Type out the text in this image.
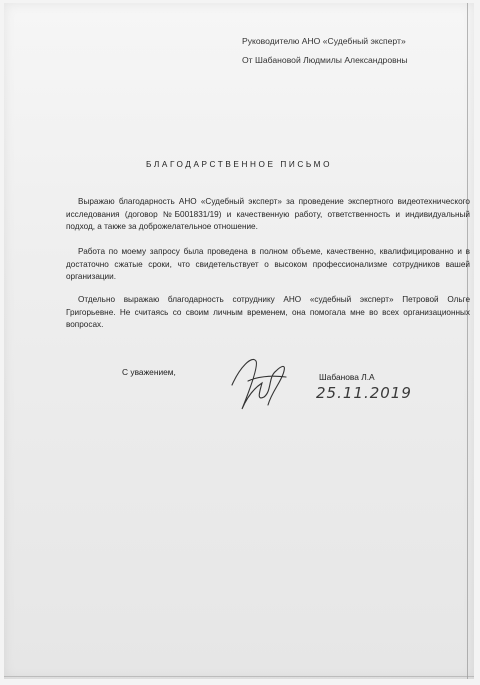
Руководителю АНО «Судебный эксперт»
От Шабановой Людмилы Александровны
БЛАГОДАРСТВЕННОЕ ПИСЬМО
Выражаю благодарность АНО «Судебный эксперт» за проведение экспертного видеотехнического исследования (договор №Б001831/19) и качественную работу, ответственность и индивидуальный подход, а также за доброжелательное отношение.
Работа по моему запросу была проведена в полном объеме, качественно, квалифицированно и в достаточно сжатые сроки, что свидетельствует о высоком профессионализме сотрудников вашей организации.
Отдельно выражаю благодарность сотруднику АНО «судебный эксперт» Петровой Ольге Григорьевне. Не считаясь со своим личным временем, она помогала мне во всех организационных вопросах.
С уважением,	Шабанова Л.А
25.11.2019
